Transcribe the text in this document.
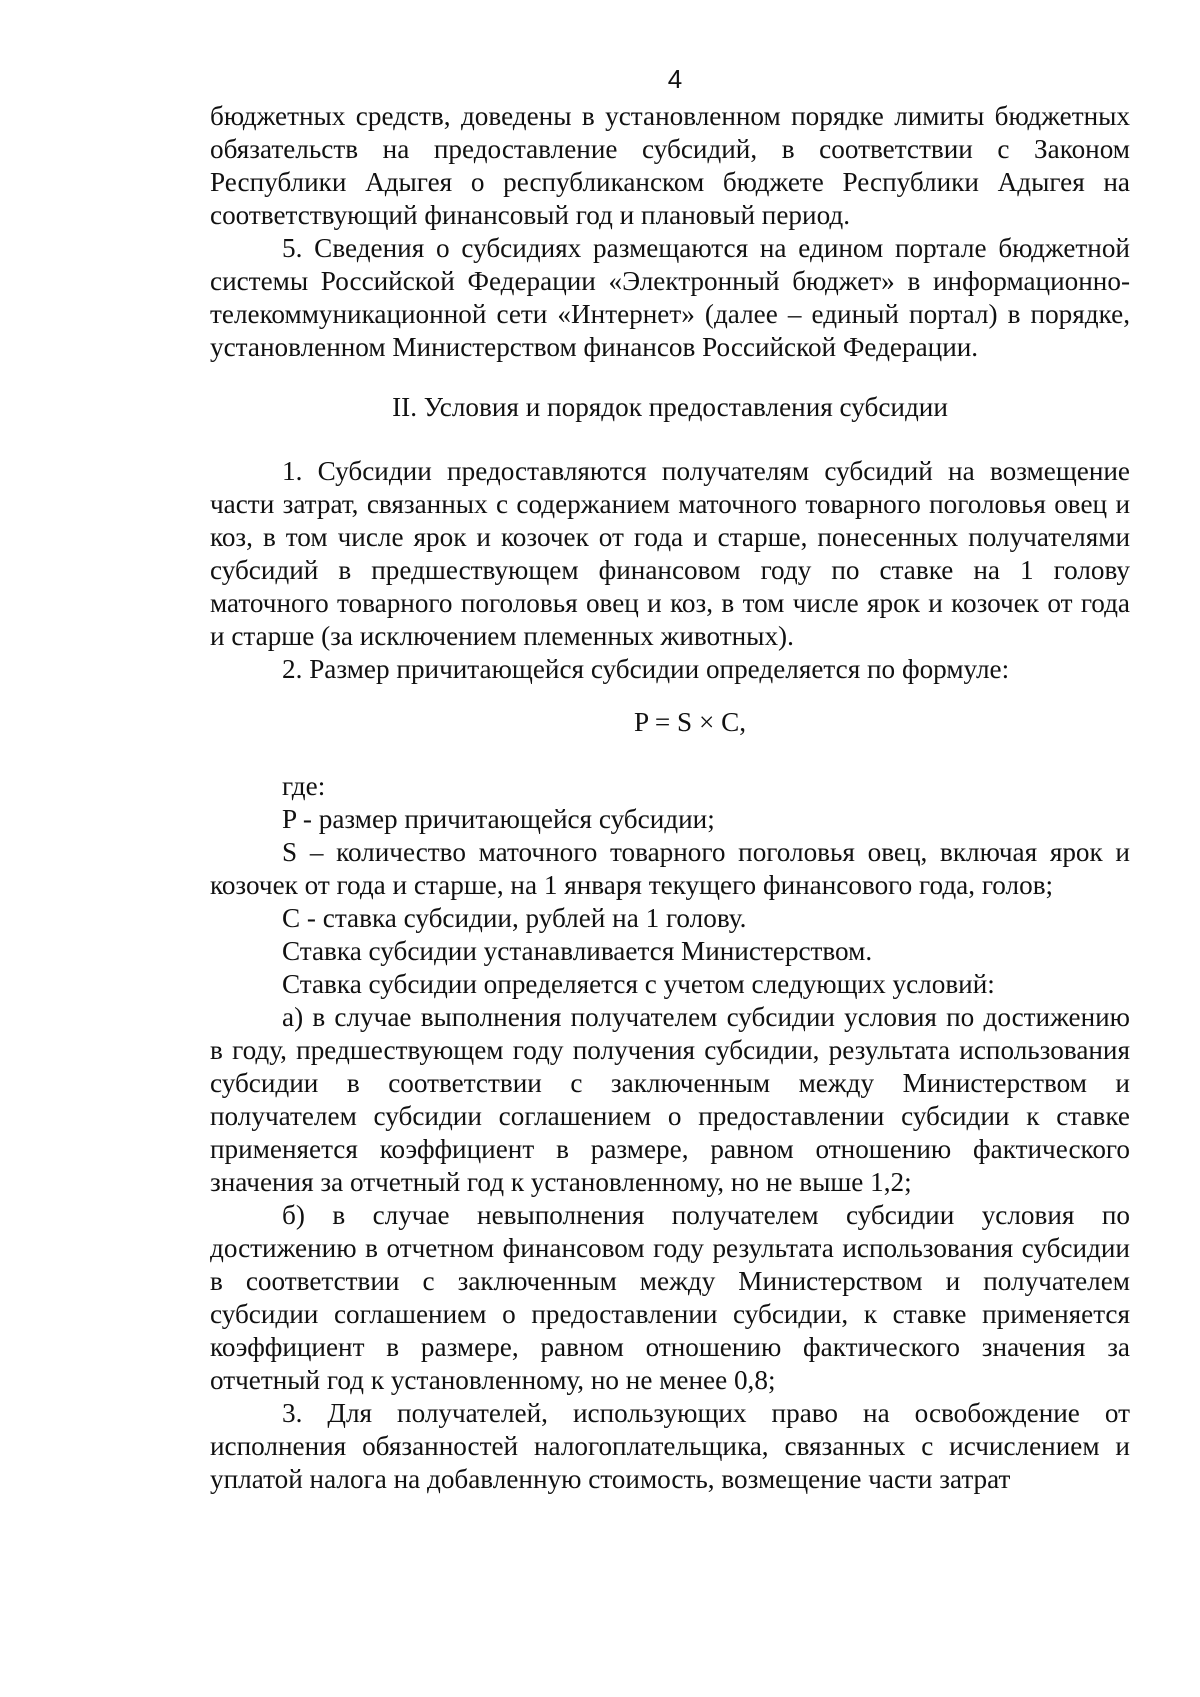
4

бюджетных средств, доведены в установленном порядке лимиты бюджетных обязательств на предоставление субсидий, в соответствии с Законом Республики Адыгея о республиканском бюджете Республики Адыгея на соответствующий финансовый год и плановый период.

5. Сведения о субсидиях размещаются на едином портале бюджетной системы Российской Федерации «Электронный бюджет» в информационно-телекоммуникационной сети «Интернет» (далее – единый портал) в порядке, установленном Министерством финансов Российской Федерации.

II. Условия и порядок предоставления субсидии

1. Субсидии предоставляются получателям субсидий на возмещение части затрат, связанных с содержанием маточного товарного поголовья овец и коз, в том числе ярок и козочек от года и старше, понесенных получателями субсидий в предшествующем финансовом году по ставке на 1 голову маточного товарного поголовья овец и коз, в том числе ярок и козочек от года и старше (за исключением племенных животных).

2. Размер причитающейся субсидии определяется по формуле:

P = S × C,

где:

P - размер причитающейся субсидии;

S – количество маточного товарного поголовья овец, включая ярок и козочек от года и старше, на 1 января текущего финансового года, голов;

C - ставка субсидии, рублей на 1 голову.

Ставка субсидии устанавливается Министерством.

Ставка субсидии определяется с учетом следующих условий:

а) в случае выполнения получателем субсидии условия по достижению в году, предшествующем году получения субсидии, результата использования субсидии в соответствии с заключенным между Министерством и получателем субсидии соглашением о предоставлении субсидии к ставке применяется коэффициент в размере, равном отношению фактического значения за отчетный год к установленному, но не выше 1,2;

б) в случае невыполнения получателем субсидии условия по достижению в отчетном финансовом году результата использования субсидии в соответствии с заключенным между Министерством и получателем субсидии соглашением о предоставлении субсидии, к ставке применяется коэффициент в размере, равном отношению фактического значения за отчетный год к установленному, но не менее 0,8;

3. Для получателей, использующих право на освобождение от исполнения обязанностей налогоплательщика, связанных с исчислением и уплатой налога на добавленную стоимость, возмещение части затрат
